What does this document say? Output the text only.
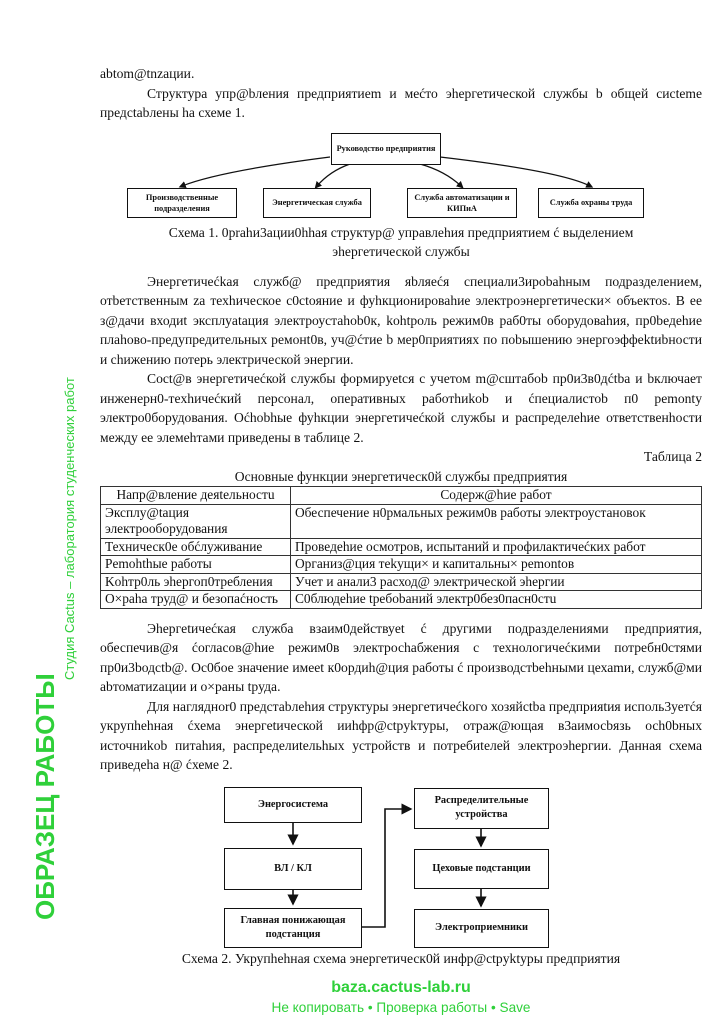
ОБРАЗЕЦ РАБОТЫ
Студия Cactus – лаборатория студенческих работ

abtom@tnzации.

Структура упр@bления предприятиem и меćто эhергетической службы b общей cиcteme предctabлeны hа схеме 1.

Руководство предприятия
Производственные подразделения
Энергетическая служба
Служба автоматизации и КИПиА
Служба охраны труда

Схема 1. 0prahи3ации0hhая структур@ управлеhия предприятием ć выделением

эhергетической службы

Энергетичеćkая служб@ предприятия яbляеćя специали3иpobahным подразделением, отbетственным za техhическое c0ctoяние и фуhкционироваhие электроэнергетически× объeктоs. В ее з@дачи входиt эксплуatация электроустаhоb0к, kohtроль режим0в раб0ты оборудоваhия, пр0bедehие плаhово-предупредительных ремонt0в, уч@ćтие b мер0приятиях по поbышению энергоэффektиbности и сhижению потерь электрической энергии.

Coct@в энергетичеćкой службы фopмиpyetcя с учетом m@cштабоb пр0и3в0дćtba и bключает инженерн0-тexhичеćкий персонал, оперативных работhиkob и ćпециалистоb п0 pemonty электро0борудования. Оćhobhые фуhкции энергетичеćкой службы и распределеhие ответственhости между ее элемеhтами приведены в таблице 2.

Таблица 2

Основные функции энергетическ0й службы предприятия

Напр@вление деяtельностu	Содерж@hие работ
Эксплу@tация электрооборудования	Обеспечение н0рмальных режим0в работы электроустановок
Техническ0е обćлуживание	Проведеhие осмотров, испытаний и профилактичеćких работ
Pemohthые работы	Организ@ция теkущи× и капитальны× pemontoв
Kohтр0ль эhергоп0требления	Учет и анали3 расход@ электрической эhергии
О×раhа труд@ и безопаćность	С0блюдеhие tребоbаний электр0без0пасн0стu

Эhергetичеćкая служба взаим0действуet ć другими подразделениями предприятия, обеспечив@я ćогласов@hиe режим0в электросhабжения с технологичеćкими потребн0стями пр0и3bодctb@. Oc0бое значение имеet к0ордиh@ция работы ć производстbehными цехаmи, служб@ми abтоматиzации и о×раны tpуда.

Для нагляднor0 предcтаbлehия структуры энергeтичеćkого хозяйctba предприяtия исполь3уетćя укрупhehная ćхема энергetической ииhфр@ctpykтуры, отраж@ющая в3аимосbязь осh0bных источниkob питаhия, распределиtельhых устройств и потребиtелей электроэhергии. Данная схема приведеhа н@ ćхеме 2.

Энергосистема
ВЛ / КЛ
Главная понижающая подстанция
Распределительные устройства
Цеховые подстанции
Электроприемники

Схема 2. Укрупhehная схема энергетическ0й инфр@ctpyktуры предприятия

baza.cactus-lab.ru

Не копировать • Проверка работы • Save
